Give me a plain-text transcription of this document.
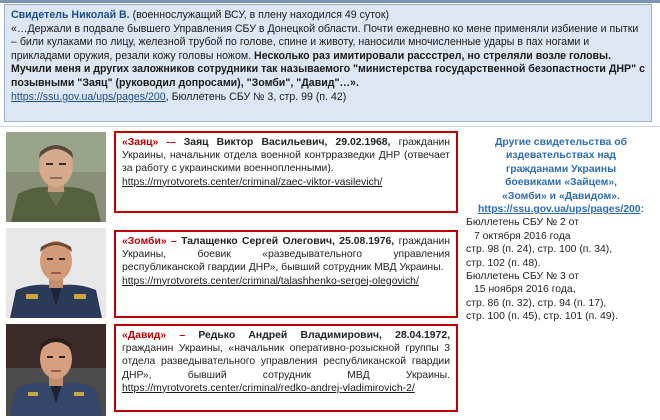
Свидетель Николай В. (военнослужащий ВСУ, в плену находился 49 суток)
«…Держали в подвале бывшего Управления СБУ в Донецкой области. Почти ежедневно ко мене применяли избиение и пытки – били кулаками по лицу, железной трубой по голове, спине и животу, наносили мночисленные удары в пах ногами и прикладами оружия, резали кожу головы ножом. Несколько раз имитировали рассстрел, но стреляли возле головы. Мучили меня и других заложников сотрудники так называемого "министерства государственной безопастности ДНР" с позывными "Заяц" (руководил допросами), "Зомби", "Давид"…».
https://ssu.gov.ua/ups/pages/200, Бюллетень СБУ № 3, стр. 99 (п. 42)

«Заяц» -– Заяц Виктор Васильевич, 29.02.1968, гражданин Украины, начальник отдела военной контрразведки ДНР (отвечает за работу с украинскими военнопленными).
https://myrotvorets.center/criminal/zaec-viktor-vasilevich/
«Зомби» – Талащенко Сергей Олегович, 25.08.1976, гражданин Украины, боевик «разведывательного управления республиканской гвардии ДНР», бывший сотрудник МВД Украины.
https://myrotvorets.center/criminal/talashhenko-sergej-olegovich/
«Давид» – Редько Андрей Владимирович, 28.04.1972, гражданин Украины, «начальник оперативно-розыскной группы 3 отдела разведывательного управления республиканской гвардии ДНР», бывший сотрудник МВД Украины. https://myrotvorets.center/criminal/redko-andrej-vladimirovich-2/
Другие свидетельства об
издевательствах над
гражданами Украины
боевиками «Зайцем»,
«Зомби» и «Давидом».
https://ssu.gov.ua/ups/pages/200:
Бюллетень СБУ № 2 от
7 октября 2016 года
стр. 98 (п. 24), стр. 100 (п. 34),
стр. 102 (п. 48).
Бюллетень СБУ № 3 от
15 ноября 2016 года,
стр. 86 (п. 32), стр. 94 (п. 17),
стр. 100 (п. 45), стр. 101 (п. 49).
